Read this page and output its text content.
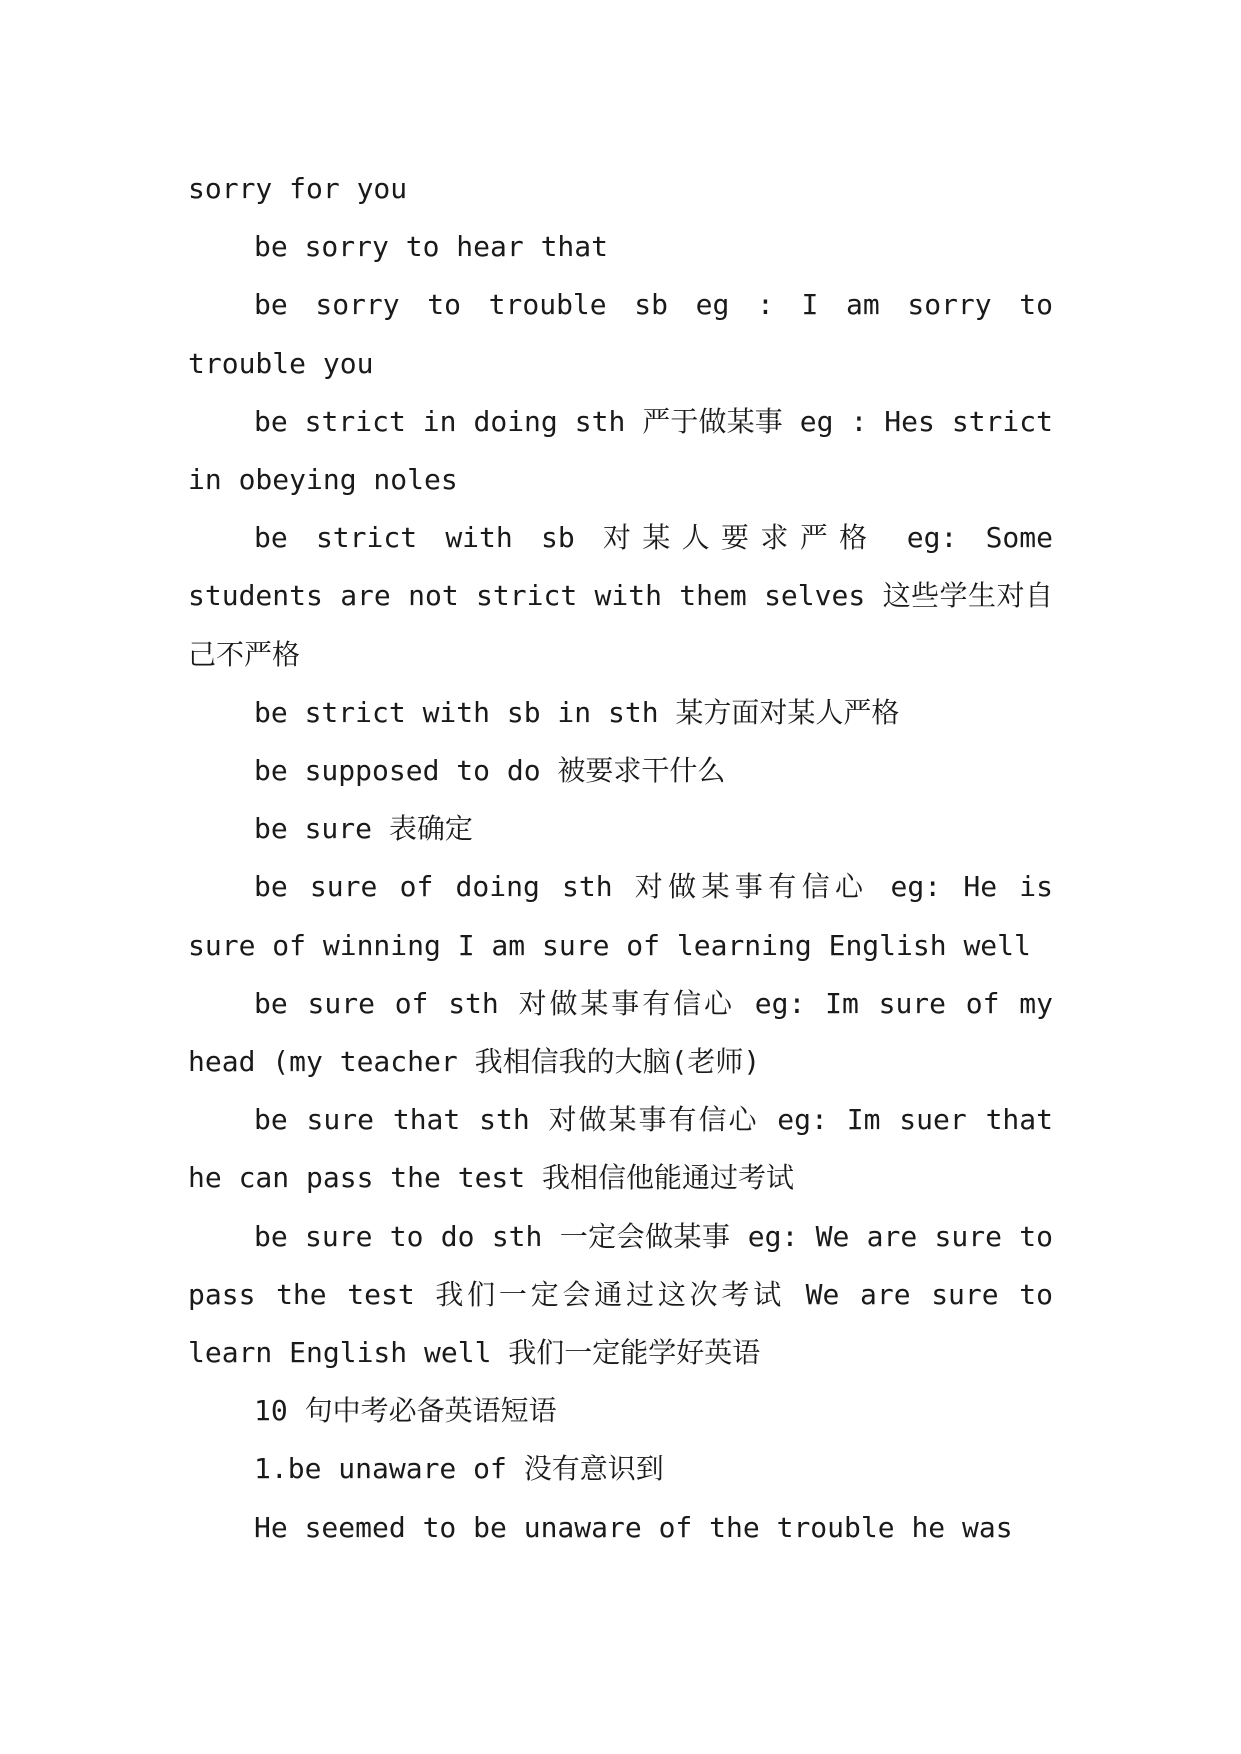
sorry for you

be sorry to hear that

be sorry to trouble sb eg : I am sorry to trouble you

be strict in doing sth 严于做某事 eg : Hes strict in obeying noles

be strict with sb 对某人要求严格 eg: Some students are not strict with them selves 这些学生对自己不严格

be strict with sb in sth 某方面对某人严格

be supposed to do 被要求干什么

be sure 表确定

be sure of doing sth 对做某事有信心 eg: He is sure of winning I am sure of learning English well

be sure of sth 对做某事有信心 eg: Im sure of my head (my teacher 我相信我的大脑(老师)

be sure that sth 对做某事有信心 eg: Im suer that he can pass the test 我相信他能通过考试

be sure to do sth 一定会做某事 eg: We are sure to pass the test 我们一定会通过这次考试 We are sure to learn English well 我们一定能学好英语

10 句中考必备英语短语

1.be unaware of 没有意识到

He seemed to be unaware of the trouble he was
